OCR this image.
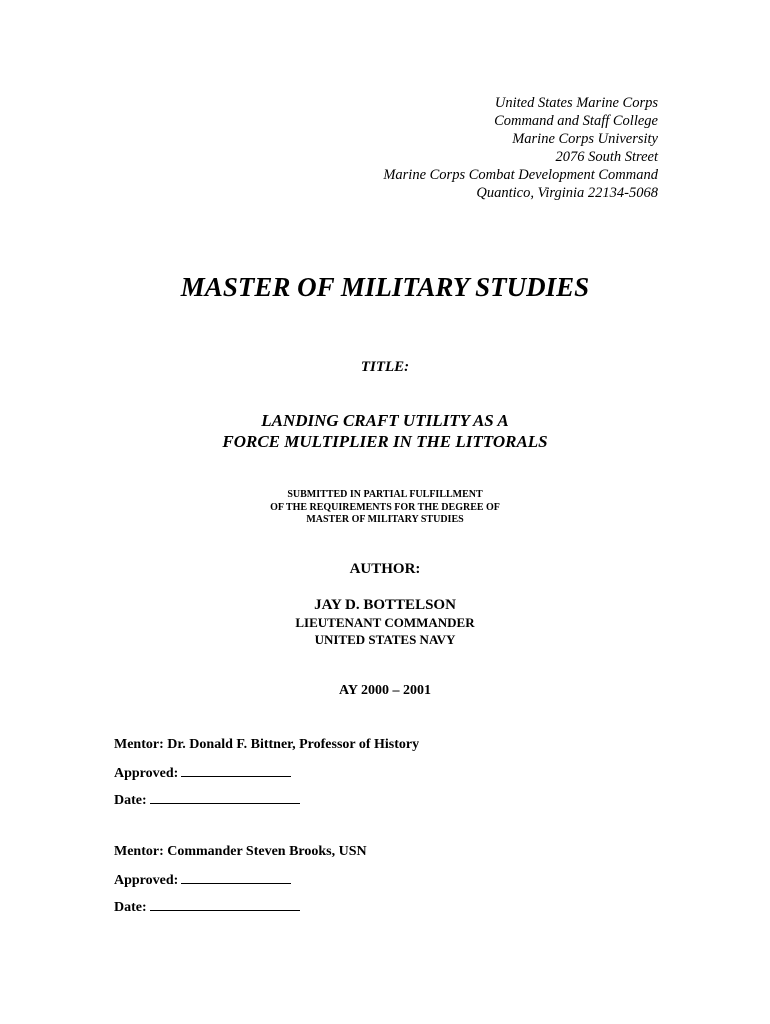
United States Marine Corps
Command and Staff College
Marine Corps University
2076 South Street
Marine Corps Combat Development Command
Quantico, Virginia 22134-5068
MASTER OF MILITARY STUDIES
TITLE:
LANDING CRAFT UTILITY AS A
FORCE MULTIPLIER IN THE LITTORALS
SUBMITTED IN PARTIAL FULFILLMENT
OF THE REQUIREMENTS FOR THE DEGREE OF
MASTER OF MILITARY STUDIES
AUTHOR:
JAY D. BOTTELSON
LIEUTENANT COMMANDER
UNITED STATES NAVY
AY 2000 – 2001
Mentor: Dr. Donald F. Bittner, Professor of History
Approved:
Date:
Mentor: Commander Steven Brooks, USN
Approved:
Date:
